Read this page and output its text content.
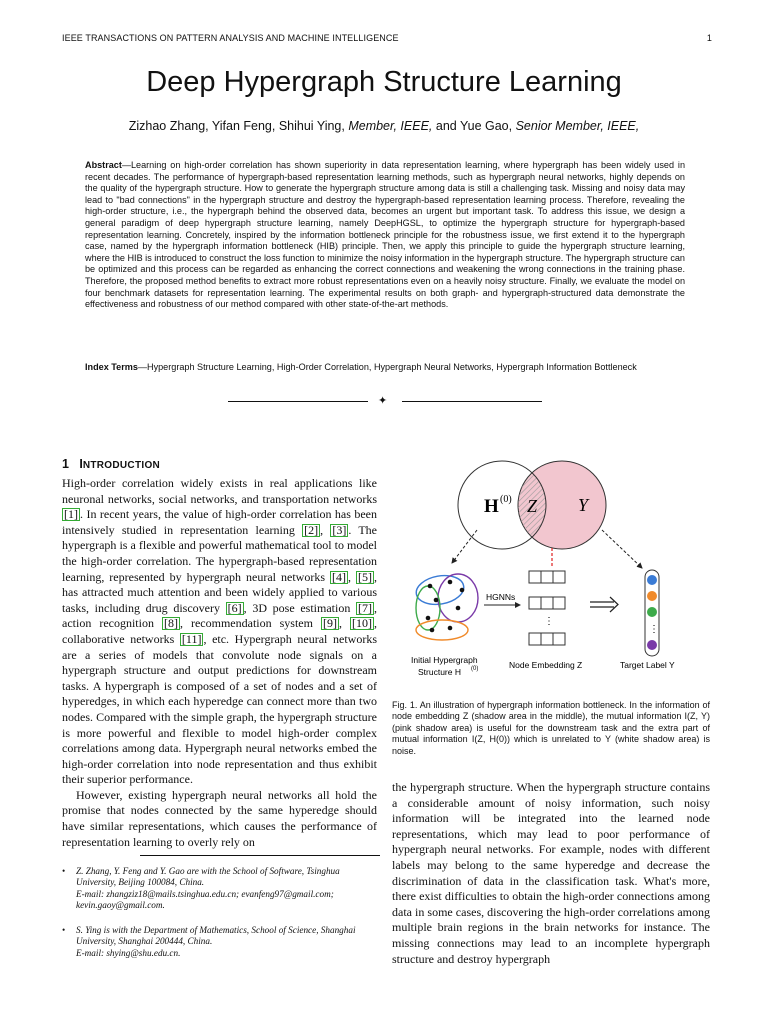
IEEE TRANSACTIONS ON PATTERN ANALYSIS AND MACHINE INTELLIGENCE	1
Deep Hypergraph Structure Learning
Zizhao Zhang, Yifan Feng, Shihui Ying, Member, IEEE, and Yue Gao, Senior Member, IEEE,
Abstract—Learning on high-order correlation has shown superiority in data representation learning, where hypergraph has been widely used in recent decades. The performance of hypergraph-based representation learning methods, such as hypergraph neural networks, highly depends on the quality of the hypergraph structure. How to generate the hypergraph structure among data is still a challenging task. Missing and noisy data may lead to "bad connections" in the hypergraph structure and destroy the hypergraph-based representation learning process. Therefore, revealing the high-order structure, i.e., the hypergraph behind the observed data, becomes an urgent but important task. To address this issue, we design a general paradigm of deep hypergraph structure learning, namely DeepHGSL, to optimize the hypergraph structure for hypergraph-based representation learning. Concretely, inspired by the information bottleneck principle for the robustness issue, we first extend it to the hypergraph case, named by the hypergraph information bottleneck (HIB) principle. Then, we apply this principle to guide the hypergraph structure learning, where the HIB is introduced to construct the loss function to minimize the noisy information in the hypergraph structure. The hypergraph structure can be optimized and this process can be regarded as enhancing the correct connections and weakening the wrong connections in the training phase. Therefore, the proposed method benefits to extract more robust representations even on a heavily noisy structure. Finally, we evaluate the model on four benchmark datasets for representation learning. The experimental results on both graph- and hypergraph-structured data demonstrate the effectiveness and robustness of our method compared with other state-of-the-art methods.
Index Terms—Hypergraph Structure Learning, High-Order Correlation, Hypergraph Neural Networks, Hypergraph Information Bottleneck
✦
1 INTRODUCTION

High-order correlation widely exists in real applications like neuronal networks, social networks, and transportation networks [1] . In recent years, the value of high-order correlation has been intensively studied in representation learning [2] , [3] . The hypergraph is a flexible and powerful mathematical tool to model the high-order correlation. The hypergraph-based representation learning, represented by hypergraph neural networks [4] , [5] , has attracted much attention and been widely applied to various tasks, including drug discovery [6] , 3D pose estimation [7] , action recognition [8] , recommendation system [9] , [10] , collaborative networks [11] , etc. Hypergraph neural networks are a series of models that convolute node signals on a hypergraph structure and output predictions for downstream tasks. A hypergraph is composed of a set of nodes and a set of hyperedges, in which each hyperedge can connect more than two nodes. Compared with the simple graph, the hypergraph structure is more powerful and flexible to model high-order complex correlations among data. Hypergraph neural networks embed the high-order correlation into node representation and thus exhibit their superior performance.

However, existing hypergraph neural networks all hold the promise that nodes connected by the same hyperedge should have similar representations, which causes the performance of representation learning to overly rely on

• Z. Zhang, Y. Feng and Y. Gao are with the School of Software, Tsinghua University, Beijing 100084, China.
E-mail: zhangziz18@mails.tsinghua.edu.cn; evanfeng97@gmail.com; kevin.gaoy@gmail.com.
• S. Ying is with the Department of Mathematics, School of Science, Shanghai University, Shanghai 200444, China.
E-mail: shying@shu.edu.cn.
H (0) Z Y
HGNNs
⋮
⋮
Initial Hypergraph
Structure H (0)	Node Embedding Z	Target Label Y
Fig. 1. An illustration of hypergraph information bottleneck. In the information of node embedding Z (shadow area in the middle), the mutual information I(Z, Y) (pink shadow area) is useful for the downstream task and the extra part of mutual information I(Z, H(0)) which is unrelated to Y (white shadow area) is noise.

the hypergraph structure. When the hypergraph structure contains a considerable amount of noisy information, such noisy information will be integrated into the learned node representations, which may lead to poor performance of hypergraph neural networks. For example, nodes with different labels may belong to the same hyperedge and decrease the discrimination of data in the classification task. What's more, there exist difficulties to obtain the high-order connections among data in some cases, discovering the high-order correlations among multiple brain regions in the brain networks for instance. The missing connections may lead to an incomplete hypergraph structure and destroy hypergraph
